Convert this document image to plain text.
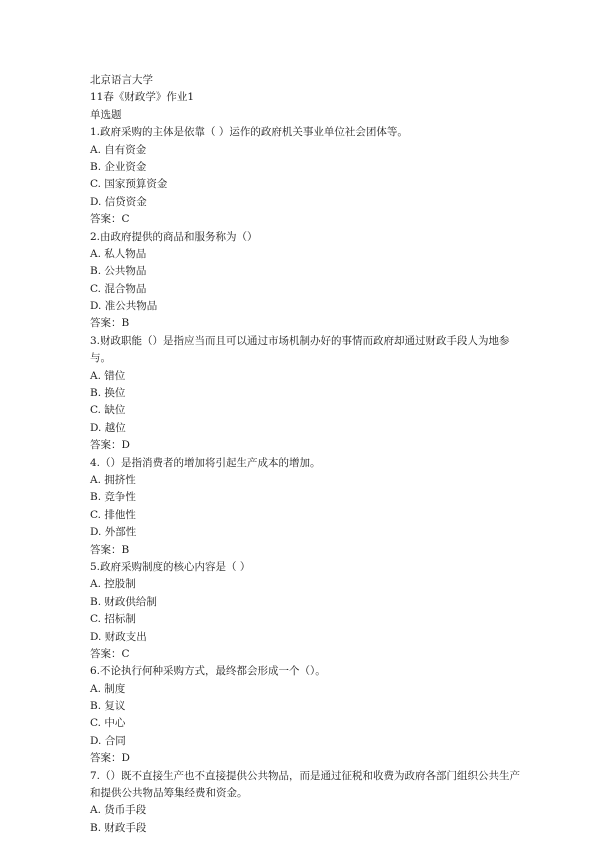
北京语言大学
11春《财政学》作业1
单选题
1.政府采购的主体是依靠（ ）运作的政府机关事业单位社会团体等。
A. 自有资金
B. 企业资金
C. 国家预算资金
D. 信贷资金
答案：C
2.由政府提供的商品和服务称为（）
A. 私人物品
B. 公共物品
C. 混合物品
D. 准公共物品
答案：B
3.财政职能（）是指应当而且可以通过市场机制办好的事情而政府却通过财政手段人为地参与。
A. 错位
B. 换位
C. 缺位
D. 越位
答案：D
4.（）是指消费者的增加将引起生产成本的增加。
A. 拥挤性
B. 竞争性
C. 排他性
D. 外部性
答案：B
5.政府采购制度的核心内容是（ ）
A. 控股制
B. 财政供给制
C. 招标制
D. 财政支出
答案：C
6.不论执行何种采购方式，最终都会形成一个（）。
A. 制度
B. 复议
C. 中心
D. 合同
答案：D
7.（）既不直接生产也不直接提供公共物品，而是通过征税和收费为政府各部门组织公共生产和提供公共物品筹集经费和资金。
A. 货币手段
B. 财政手段
